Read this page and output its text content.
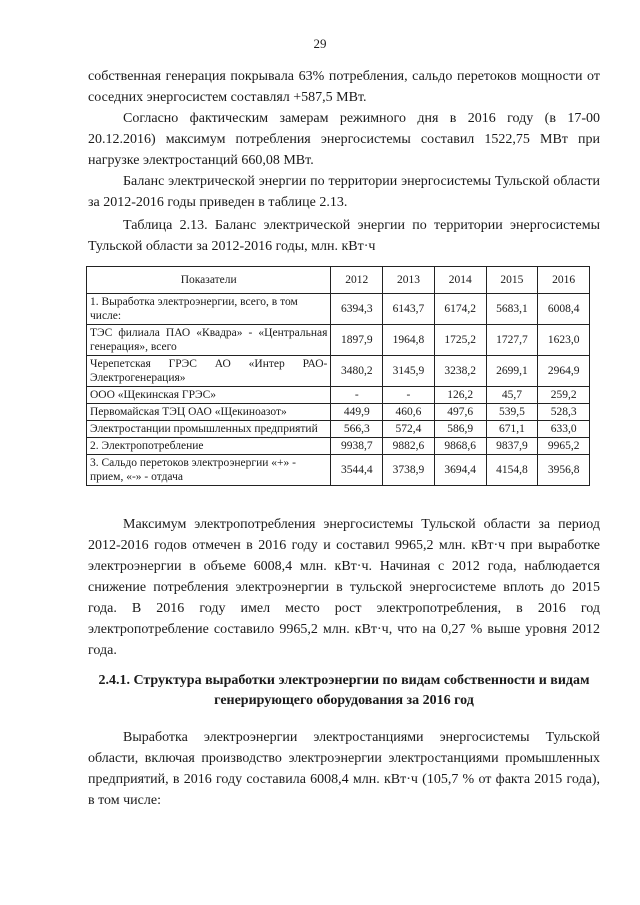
29

собственная генерация покрывала 63% потребления, сальдо перетоков мощности от соседних энергосистем составлял +587,5 МВт.

Согласно фактическим замерам режимного дня в 2016 году (в 17-00 20.12.2016) максимум потребления энергосистемы составил 1522,75 МВт при нагрузке электростанций 660,08 МВт.

Баланс электрической энергии по территории энергосистемы Тульской области за 2012-2016 годы приведен в таблице 2.13.

Таблица 2.13. Баланс электрической энергии по территории энергосистемы Тульской области за 2012-2016 годы, млн. кВт·ч
Показатели	2012	2013	2014	2015	2016
1. Выработка электроэнергии, всего, в том числе:	6394,3	6143,7	6174,2	5683,1	6008,4
ТЭС филиала ПАО «Квадра» - «Центральная генерация», всего	1897,9	1964,8	1725,2	1727,7	1623,0
Черепетская ГРЭС АО «Интер РАО-Электрогенерация»	3480,2	3145,9	3238,2	2699,1	2964,9
ООО «Щекинская ГРЭС»	-	-	126,2	45,7	259,2
Первомайская ТЭЦ ОАО «Щекиноазот»	449,9	460,6	497,6	539,5	528,3
Электростанции промышленных предприятий	566,3	572,4	586,9	671,1	633,0
2. Электропотребление	9938,7	9882,6	9868,6	9837,9	9965,2
3. Сальдо перетоков электроэнергии «+» - прием, «-» - отдача	3544,4	3738,9	3694,4	4154,8	3956,8
Максимум электропотребления энергосистемы Тульской области за период 2012-2016 годов отмечен в 2016 году и составил 9965,2 млн. кВт·ч при выработке электроэнергии в объеме 6008,4 млн. кВт·ч. Начиная с 2012 года, наблюдается снижение потребления электроэнергии в тульской энергосистеме вплоть до 2015 года. В 2016 году имел место рост электропотребления, в 2016 год электропотребление составило 9965,2 млн. кВт·ч, что на 0,27 % выше уровня 2012 года.
2.4.1. Структура выработки электроэнергии по видам собственности и видам генерирующего оборудования за 2016 год
Выработка электроэнергии электростанциями энергосистемы Тульской области, включая производство электроэнергии электростанциями промышленных предприятий, в 2016 году составила 6008,4 млн. кВт·ч (105,7 % от факта 2015 года), в том числе:
